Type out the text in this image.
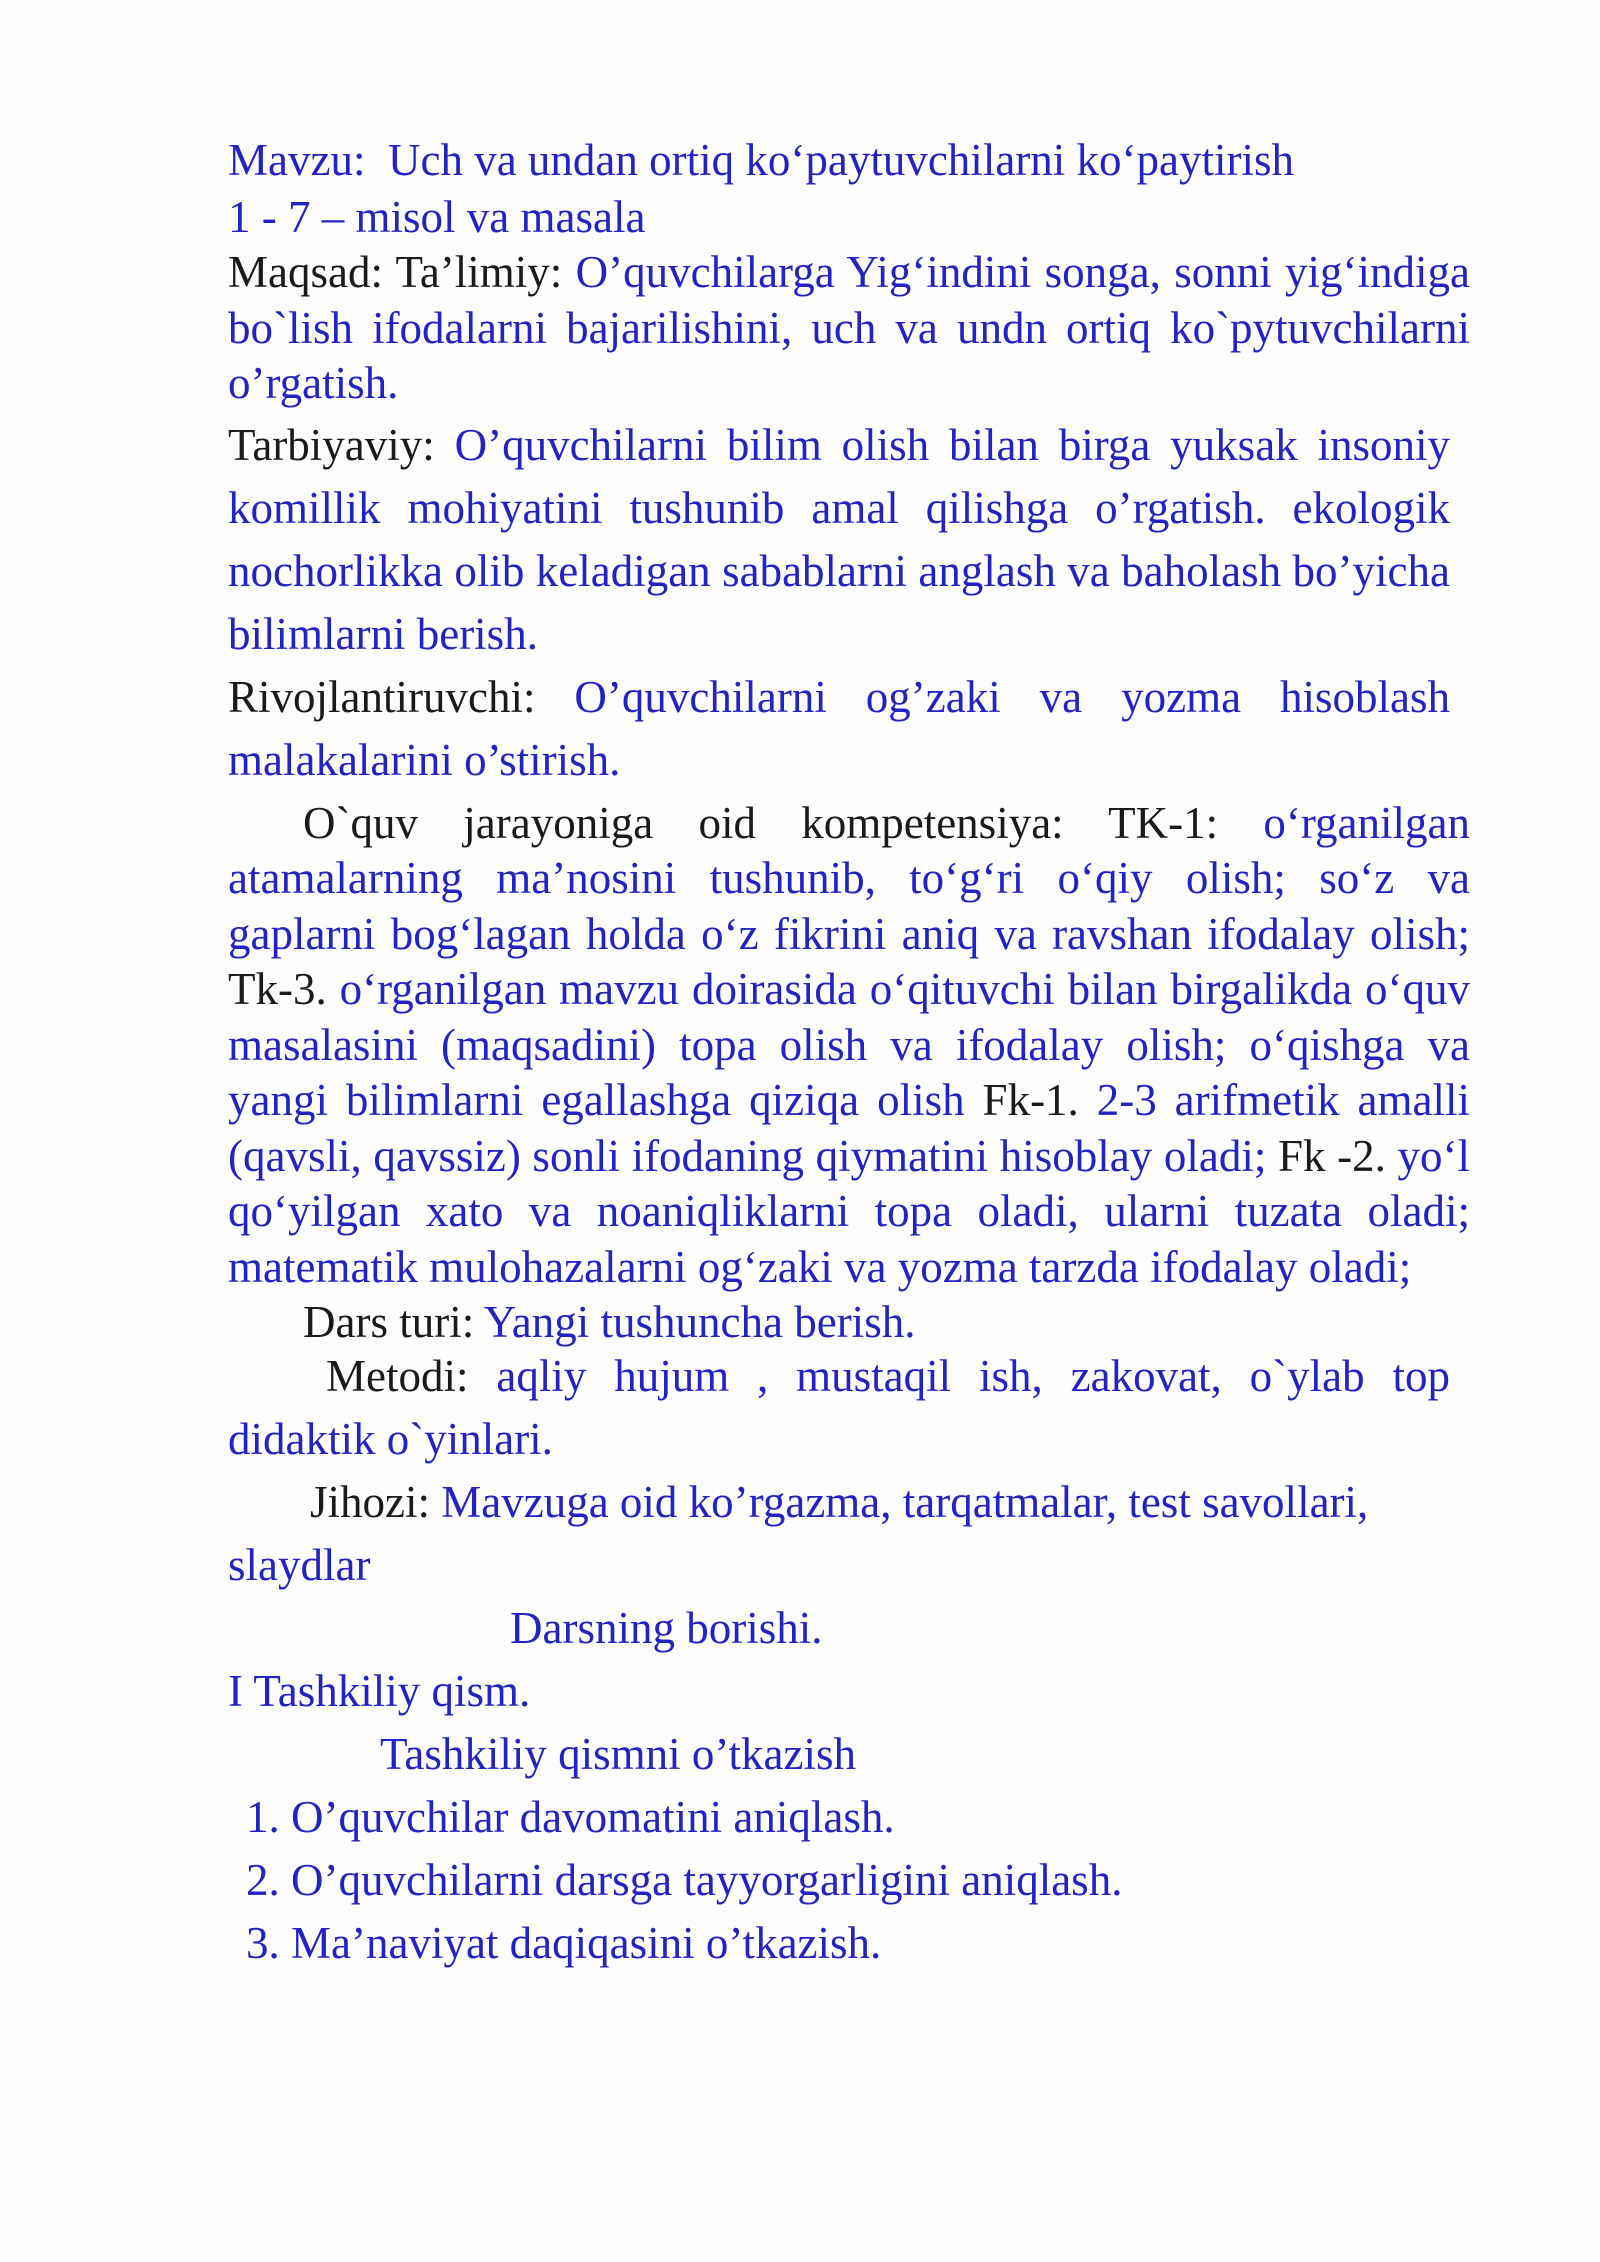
Mavzu: Uch va undan ortiq koʻpaytuvchilarni koʻpaytirish

1 - 7 – misol va masala

Maqsad: Ta’limiy: O’quvchilarga Yigʻindini songa, sonni yigʻindiga bo`lish ifodalarni bajarilishini, uch va undn ortiq ko`pytuvchilarni o’rgatish.

Tarbiyaviy: O’quvchilarni bilim olish bilan birga yuksak insoniy komillik mohiyatini tushunib amal qilishga o’rgatish. ekologik nochorlikka olib keladigan sabablarni anglash va baholash bo’yicha bilimlarni berish.

Rivojlantiruvchi: O’quvchilarni og’zaki va yozma hisoblash malakalarini o’stirish.

O`quv jarayoniga oid kompetensiya: TK-1: oʻrganilgan atamalarning maʼnosini tushunib, toʻgʻri oʻqiy olish; soʻz va gaplarni bogʻlagan holda oʻz fikrini aniq va ravshan ifodalay olish; Tk-3. oʻrganilgan mavzu doirasida oʻqituvchi bilan birgalikda oʻquv masalasini (maqsadini) topa olish va ifodalay olish; oʻqishga va yangi bilimlarni egallashga qiziqa olish Fk-1. 2-3 arifmetik amalli (qavsli, qavssiz) sonli ifodaning qiymatini hisoblay oladi; Fk -2. yoʻl qoʻyilgan xato va noaniqliklarni topa oladi, ularni tuzata oladi; matematik mulohazalarni ogʻzaki va yozma tarzda ifodalay oladi;

Dars turi: Yangi tushuncha berish.

Metodi: aqliy hujum , mustaqil ish, zakovat, o`ylab top didaktik o`yinlari.

Jihozi: Mavzuga oid ko’rgazma, tarqatmalar, test savollari, slaydlar

Darsning borishi.

I Tashkiliy qism.

Tashkiliy qismni o’tkazish

1. O’quvchilar davomatini aniqlash.

2. O’quvchilarni darsga tayyorgarligini aniqlash.

3. Ma’naviyat daqiqasini o’tkazish.
